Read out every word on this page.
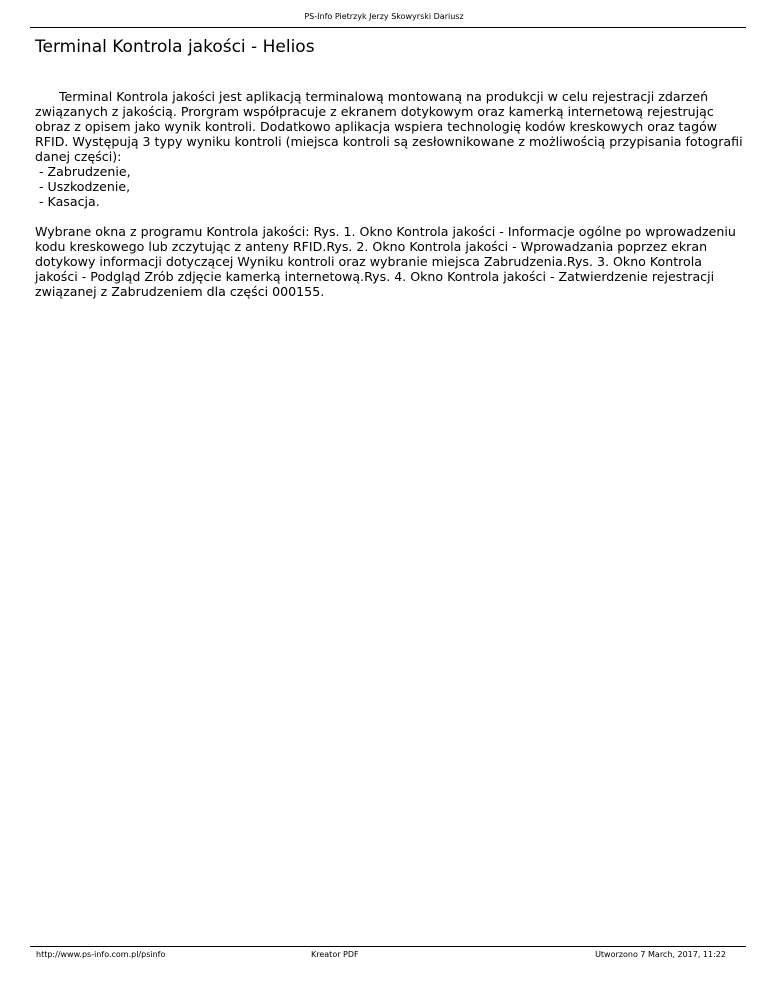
PS-Info Pietrzyk Jerzy Skowyrski Dariusz
Terminal Kontrola jakości - Helios

Terminal Kontrola jakości jest aplikacją terminalową montowaną na produkcji w celu rejestracji zdarzeń związanych z jakością. Prorgram współpracuje z ekranem dotykowym oraz kamerką internetową rejestrując obraz z opisem jako wynik kontroli. Dodatkowo aplikacja wspiera technologię kodów kreskowych oraz tagów RFID. Występują 3 typy wyniku kontroli (miejsca kontroli są zesłownikowane z możliwością przypisania fotografii danej części):

- Zabrudzenie,
- Uszkodzenie,
- Kasacja.

Wybrane okna z programu Kontrola jakości: Rys. 1. Okno Kontrola jakości - Informacje ogólne po wprowadzeniu kodu kreskowego lub zczytując z anteny RFID.Rys. 2. Okno Kontrola jakości - Wprowadzania poprzez ekran dotykowy informacji dotyczącej Wyniku kontroli oraz wybranie miejsca Zabrudzenia.Rys. 3. Okno Kontrola jakości - Podgląd Zrób zdjęcie kamerką internetową.Rys. 4. Okno Kontrola jakości - Zatwierdzenie rejestracji związanej z Zabrudzeniem dla części 000155.

http://www.ps-info.com.pl/psinfo	Kreator PDF	Utworzono 7 March, 2017, 11:22
